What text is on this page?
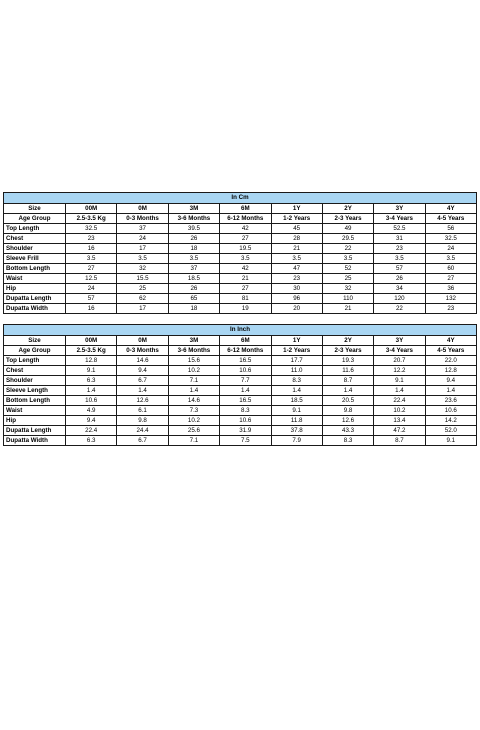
In Cm								
Size	00M	0M	3M	6M	1Y	2Y	3Y	4Y
Age Group	2.5-3.5 Kg	0-3 Months	3-6 Months	6-12 Months	1-2 Years	2-3 Years	3-4 Years	4-5 Years
Top Length	32.5	37	39.5	42	45	49	52.5	56
Chest	23	24	26	27	28	29.5	31	32.5
Shoulder	16	17	18	19.5	21	22	23	24
Sleeve Frill	3.5	3.5	3.5	3.5	3.5	3.5	3.5	3.5
Bottom Length	27	32	37	42	47	52	57	60
Waist	12.5	15.5	18.5	21	23	25	26	27
Hip	24	25	26	27	30	32	34	36
Dupatta Length	57	62	65	81	96	110	120	132
Dupatta Width	16	17	18	19	20	21	22	23
In Inch								
Size	00M	0M	3M	6M	1Y	2Y	3Y	4Y
Age Group	2.5-3.5 Kg	0-3 Months	3-6 Months	6-12 Months	1-2 Years	2-3 Years	3-4 Years	4-5 Years
Top Length	12.8	14.6	15.6	16.5	17.7	19.3	20.7	22.0
Chest	9.1	9.4	10.2	10.6	11.0	11.6	12.2	12.8
Shoulder	6.3	6.7	7.1	7.7	8.3	8.7	9.1	9.4
Sleeve Length	1.4	1.4	1.4	1.4	1.4	1.4	1.4	1.4
Bottom Length	10.6	12.6	14.6	16.5	18.5	20.5	22.4	23.6
Waist	4.9	6.1	7.3	8.3	9.1	9.8	10.2	10.6
Hip	9.4	9.8	10.2	10.6	11.8	12.6	13.4	14.2
Dupatta Length	22.4	24.4	25.6	31.9	37.8	43.3	47.2	52.0
Dupatta Width	6.3	6.7	7.1	7.5	7.9	8.3	8.7	9.1
